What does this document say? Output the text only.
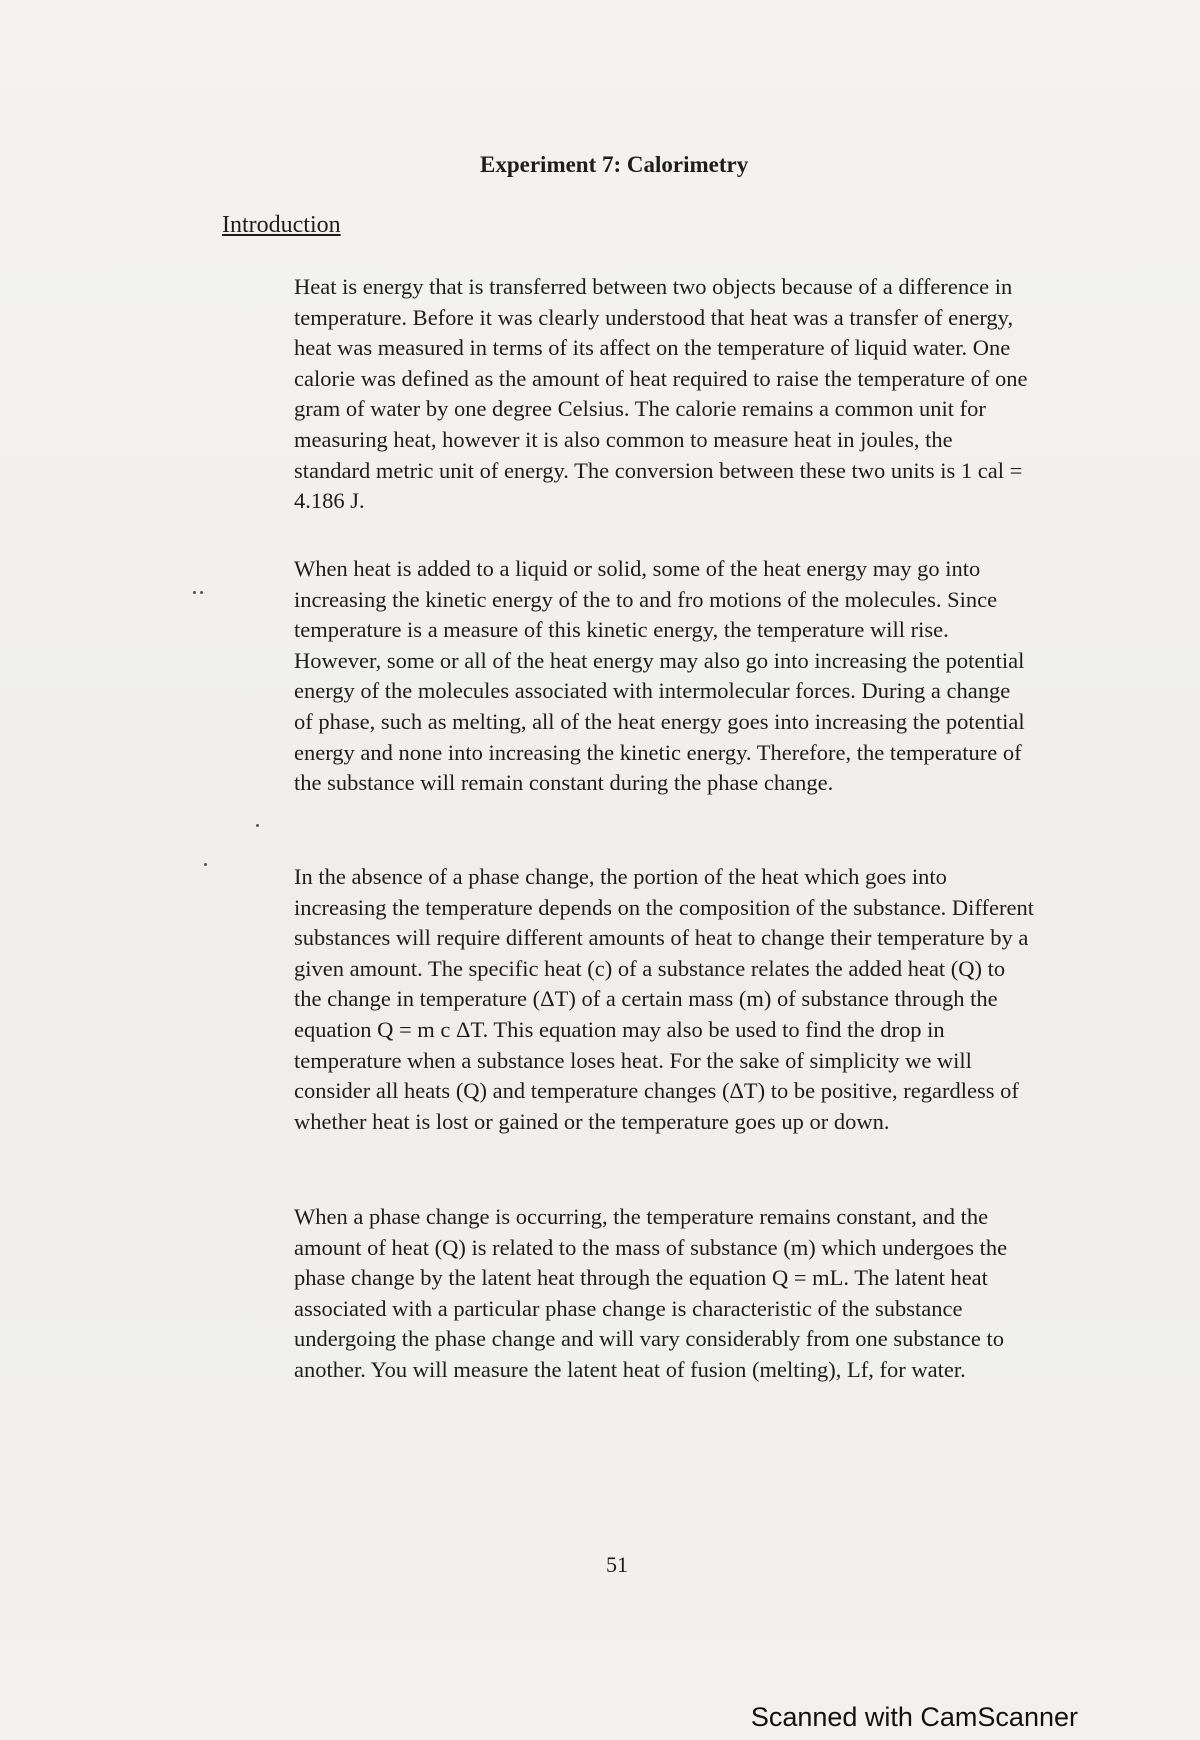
Experiment 7: Calorimetry
Introduction
Heat is energy that is transferred between two objects because of a difference in temperature. Before it was clearly understood that heat was a transfer of energy, heat was measured in terms of its affect on the temperature of liquid water. One calorie was defined as the amount of heat required to raise the temperature of one gram of water by one degree Celsius. The calorie remains a common unit for measuring heat, however it is also common to measure heat in joules, the standard metric unit of energy. The conversion between these two units is 1 cal = 4.186 J.
When heat is added to a liquid or solid, some of the heat energy may go into increasing the kinetic energy of the to and fro motions of the molecules. Since temperature is a measure of this kinetic energy, the temperature will rise. However, some or all of the heat energy may also go into increasing the potential energy of the molecules associated with intermolecular forces. During a change of phase, such as melting, all of the heat energy goes into increasing the potential energy and none into increasing the kinetic energy. Therefore, the temperature of the substance will remain constant during the phase change.
In the absence of a phase change, the portion of the heat which goes into increasing the temperature depends on the composition of the substance. Different substances will require different amounts of heat to change their temperature by a given amount. The specific heat (c) of a substance relates the added heat (Q) to the change in temperature (ΔT) of a certain mass (m) of substance through the equation Q = m c ΔT. This equation may also be used to find the drop in temperature when a substance loses heat. For the sake of simplicity we will consider all heats (Q) and temperature changes (ΔT) to be positive, regardless of whether heat is lost or gained or the temperature goes up or down.
When a phase change is occurring, the temperature remains constant, and the amount of heat (Q) is related to the mass of substance (m) which undergoes the phase change by the latent heat through the equation Q = mL. The latent heat associated with a particular phase change is characteristic of the substance undergoing the phase change and will vary considerably from one substance to another. You will measure the latent heat of fusion (melting), Lf, for water.
51
Scanned with CamScanner
